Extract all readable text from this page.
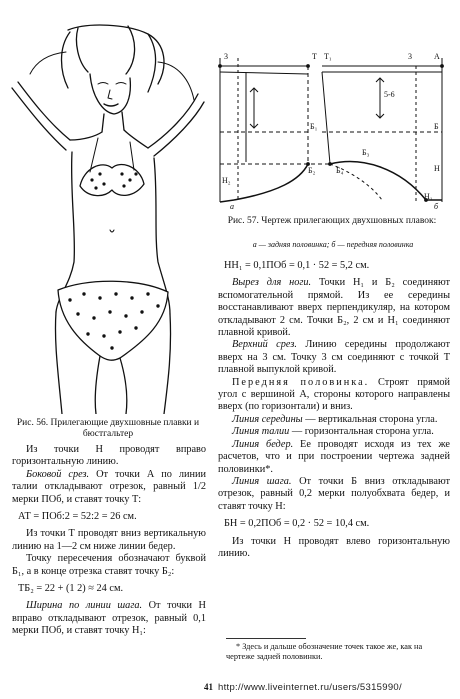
Рис. 56. Прилегающие двухшовные плавки и бюстгальтер
3	T T₁	A
3
5-6
Б₁	Б
Б₂
Б₃
Б₄	H
H₂
H₁
a	б
Рис. 57. Чертеж прилегающих двухшовных плавок:
а — задняя половинка; б — передняя половинка

Из точки Н проводят вправо горизонтальную линию.

Боковой срез. От точки А по линии талии откладывают отрезок, равный 1/2 мерки ПОб, и ставят точку Т:

АТ = ПОб:2 = 52:2 = 26 см.

Из точки Т проводят вниз вертикальную линию на 1—2 см ниже линии бедер.

Точку пересечения обозначают буквой Б₁, а в конце отрезка ставят точку Б₂:

ТБ₂ = 22 + (1 2) ≈ 24 см.

Ширина по линии шага. От точки Н вправо откладывают отрезок, равный 0,1 мерки ПОб, и ставят точку Н₁:

НН₁ = 0,1ПОб = 0,1 · 52 = 5,2 см.

Вырез для ноги. Точки Н₁ и Б₂ соединяют вспомогательной прямой. Из ее середины восстанавливают вверх перпендикуляр, на котором откладывают 2 см. Точки Б₂, 2 см и Н₁ соединяют плавной кривой.

Верхний срез. Линию середины продолжают вверх на 3 см. Точку 3 см соединяют с точкой Т плавной выпуклой кривой.

Передняя половинка. Строят прямой угол с вершиной А, стороны которого направлены вверх (по горизонтали) и вниз.

Линия середины — вертикальная сторона угла.

Линия талии — горизонтальная сторона угла.

Линия бедер. Ее проводят исходя из тех же расчетов, что и при построении чертежа задней половинки*.

Линия шага. От точки Б вниз откладывают отрезок, равный 0,2 мерки полуобхвата бедер, и ставят точку Н:

БН = 0,2ПОб = 0,2 · 52 = 10,4 см.

Из точки Н проводят влево горизонтальную линию.

* Здесь и дальше обозначение точек такое же, как на чертеже задней половинки.
41 http://www.liveinternet.ru/users/5315990/
